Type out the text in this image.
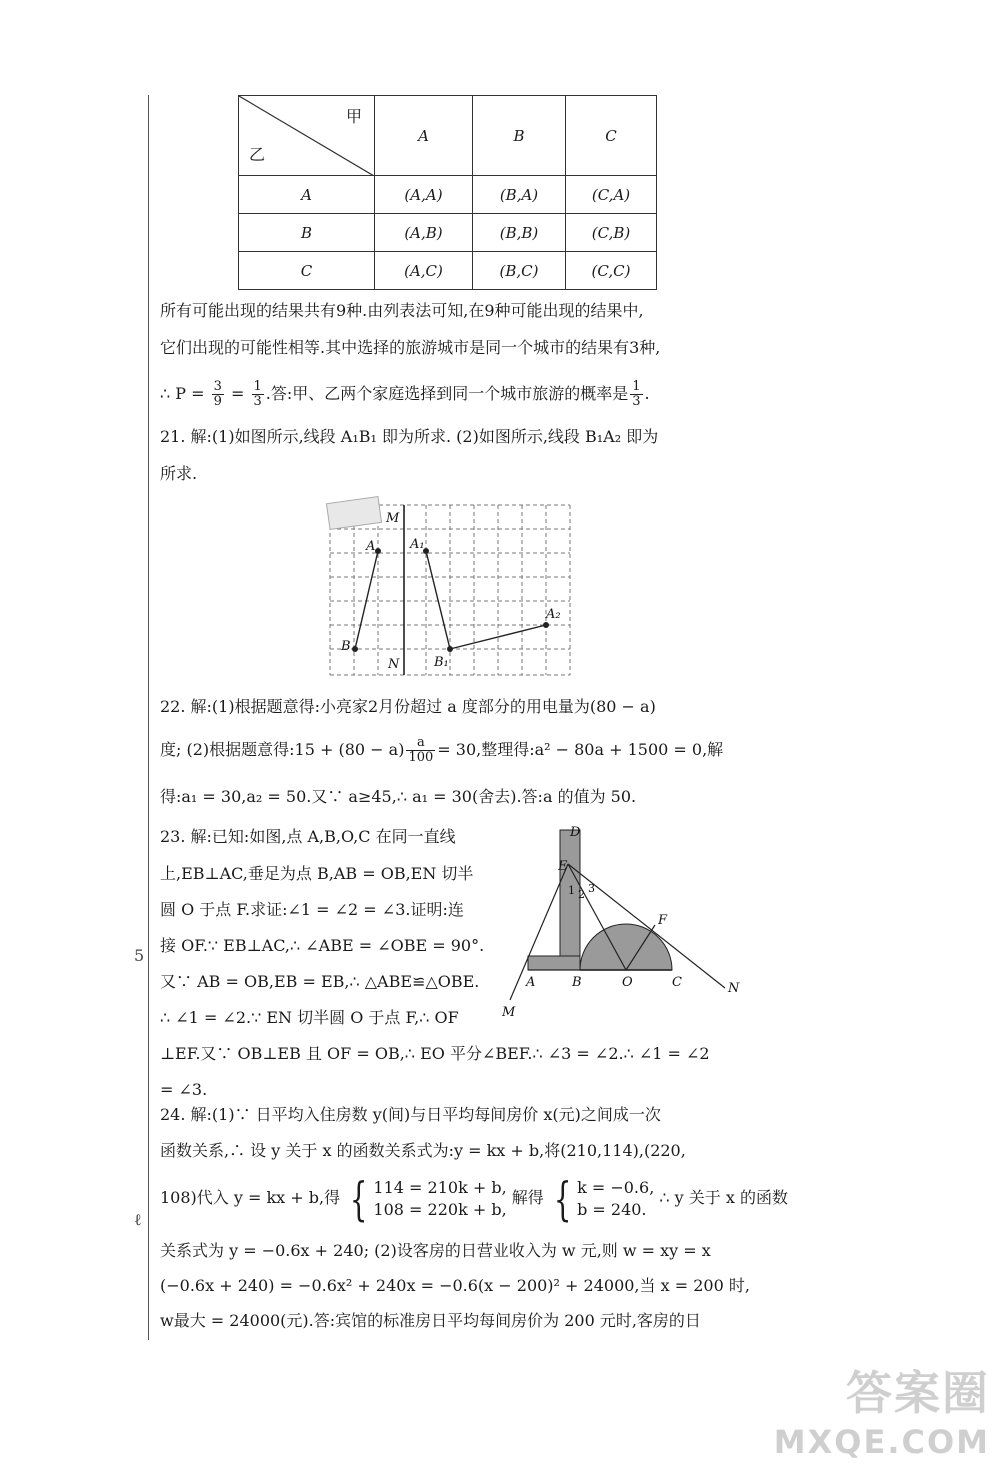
5
ℓ
甲
乙	A	B	C
A	(A,A)	(B,A)	(C,A)
B	(A,B)	(B,B)	(C,B)
C	(A,C)	(B,C)	(C,C)
所有可能出现的结果共有9种.由列表法可知,在9种可能出现的结果中,
它们出现的可能性相等.其中选择的旅游城市是同一个城市的结果有3种,
∴ $P = \frac{3}{9} = \frac{1}{3}$ .答:甲、乙两个家庭选择到同一个城市旅游的概率是 $\frac{1}{3}$ .
21. 解:(1)如图所示,线段 A₁B₁ 即为所求. (2)如图所示,线段 B₁A₂ 即为
所求.
M
N
A
B
A₁
B₁
A₂
22. 解:(1)根据题意得:小亮家2月份超过 a 度部分的用电量为(80 − a)
度; (2)根据题意得:15 + $(80 - a) \frac{a}{100} = 30$,整理得:a² − 80a + 1500 = 0,解
得:a₁ = 30,a₂ = 50.又∵ a≥45,∴ a₁ = 30(舍去).答:a 的值为 50.
23. 解:已知:如图,点 A,B,O,C 在同一直线
上,EB⊥AC,垂足为点 B,AB = OB,EN 切半
圆 O 于点 F.求证:∠1 = ∠2 = ∠3.证明:连
接 OF.∵ EB⊥AC,∴ ∠ABE = ∠OBE = 90°.
又∵ AB = OB,EB = EB,∴ △ABE≌△OBE.
∴ ∠1 = ∠2.∵ EN 切半圆 O 于点 F,∴ OF
⊥EF.又∵ OB⊥EB 且 OF = OB,∴ EO 平分∠BEF.∴ ∠3 = ∠2.∴ ∠1 = ∠2
= ∠3.
D
E
A	B	O	C
F
M
N
1 2 3
24. 解:(1)∵ 日平均入住房数 y(间)与日平均每间房价 x(元)之间成一次
函数关系,∴ 设 y 关于 x 的函数关系式为:y = kx + b,将(210,114),(220,
108)代入 y = kx + b,得 { 114 = 210k + b,
108 = 220k + b,
解得 { k = −0.6,
b = 240.
∴ y 关于 x 的函数
关系式为 y = −0.6x + 240; (2)设客房的日营业收入为 w 元,则 w = xy = x
(−0.6x + 240) = −0.6x² + 240x = −0.6(x − 200)² + 24000,当 x = 200 时,
w最大 = 24000(元).答:宾馆的标准房日平均每间房价为 200 元时,客房的日
答案圈
MXQE.COM
